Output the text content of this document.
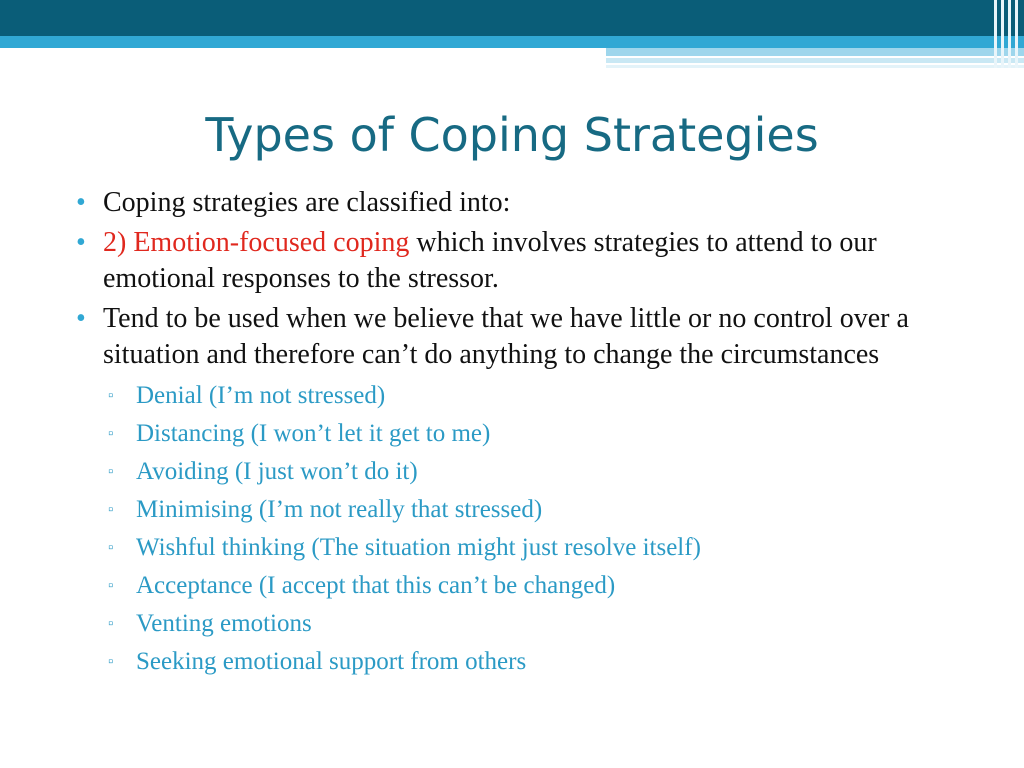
Types of Coping Strategies
• Coping strategies are classified into:
• 2) Emotion-focused coping which involves strategies to attend to our emotional responses to the stressor.
• Tend to be used when we believe that we have little or no control over a situation and therefore can’t do anything to change the circumstances
▫ Denial (I’m not stressed)
▫ Distancing (I won’t let it get to me)
▫ Avoiding (I just won’t do it)
▫ Minimising (I’m not really that stressed)
▫ Wishful thinking (The situation might just resolve itself)
▫ Acceptance (I accept that this can’t be changed)
▫ Venting emotions
▫ Seeking emotional support from others
